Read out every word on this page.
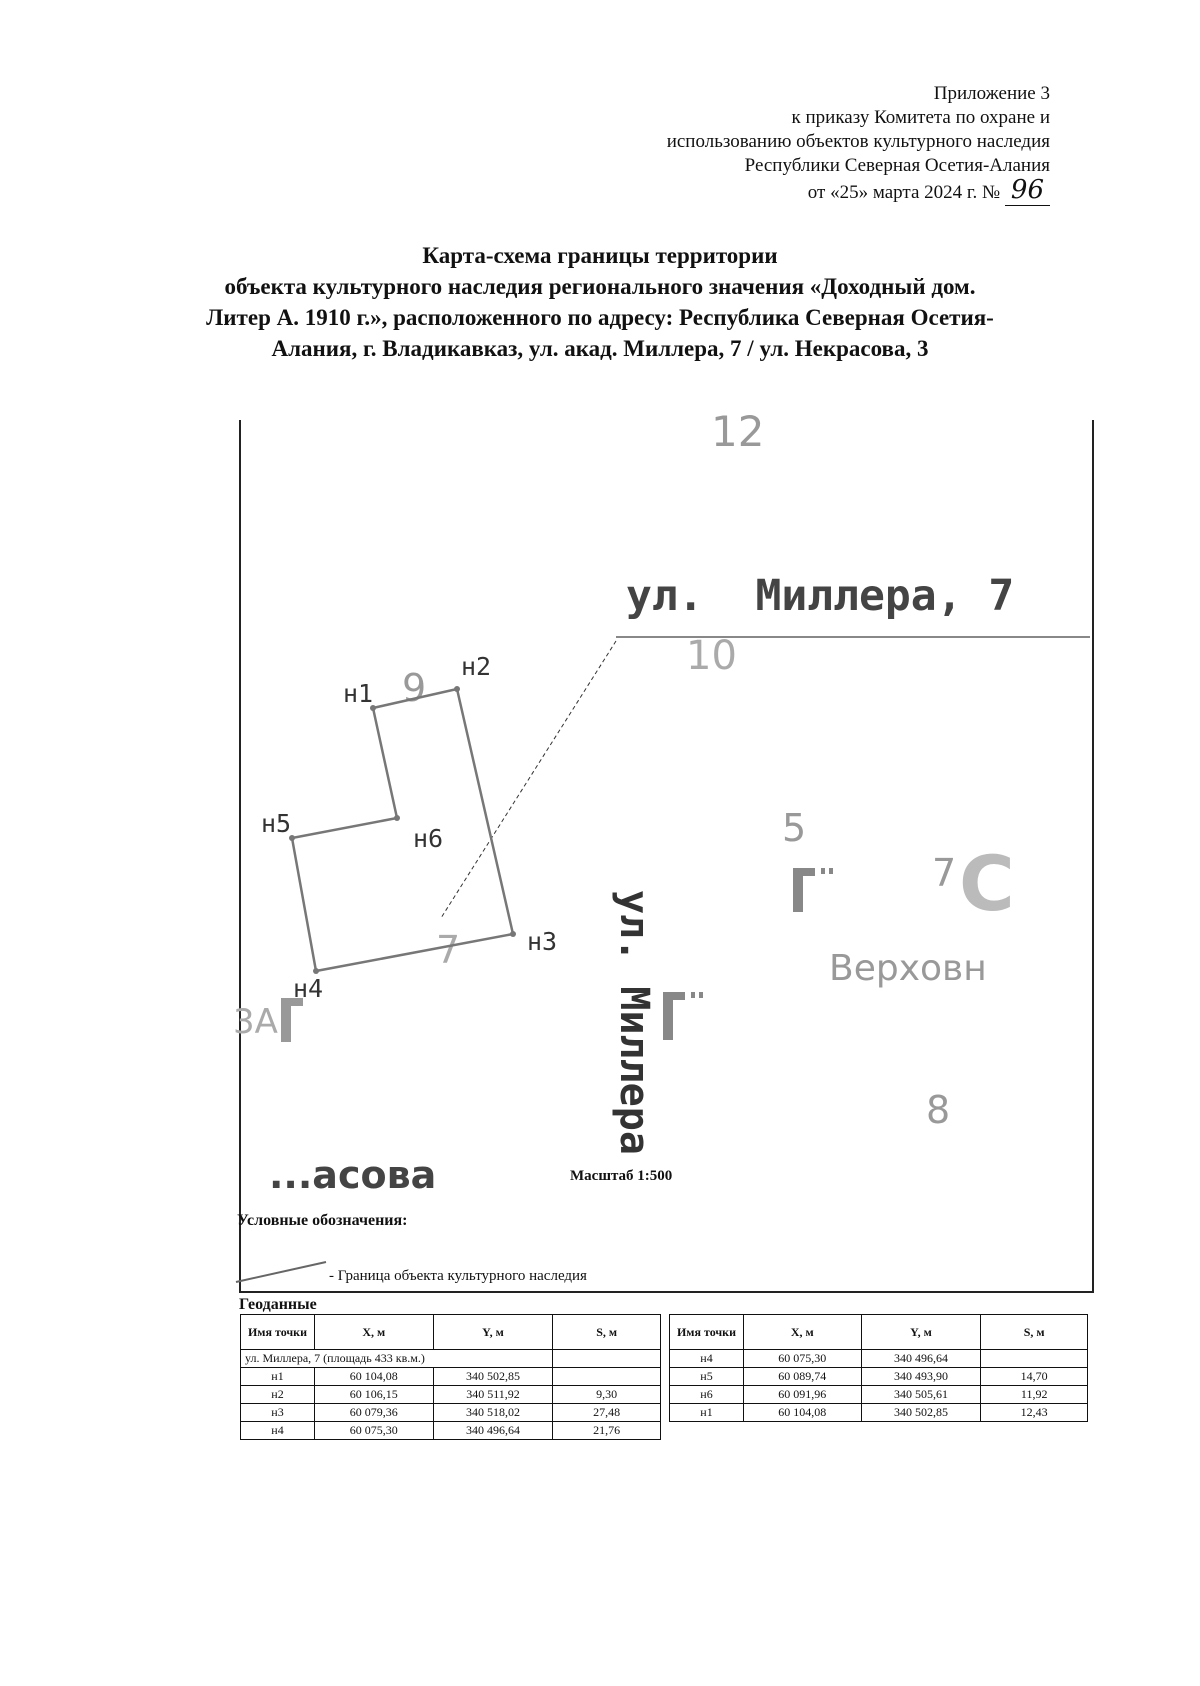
Приложение 3
к приказу Комитета по охране и
использованию объектов культурного наследия
Республики Северная Осетия-Алания
от «25» марта 2024 г. № 96
Карта-схема границы территории
объекта культурного наследия регионального значения «Доходный дом.
Литер А. 1910 г.», расположенного по адресу: Республика Северная Осетия-
Алания, г. Владикавказ, ул. акад. Миллера, 7 / ул. Некрасова, 3
12
10
9
5
7
7
8
ул.  Миллера, 7
ул. Миллера
...асова
Верховн
3А
С
н1
н2
н3
н4
н5
н6
Масштаб 1:500
Условные обозначения:
- Граница объекта культурного наследия
Геоданные
Имя точки	X, м	Y, м	S, м
ул. Миллера, 7 (площадь 433 кв.м.)			
н1	60 104,08	340 502,85	
н2	60 106,15	340 511,92	9,30
н3	60 079,36	340 518,02	27,48
н4	60 075,30	340 496,64	21,76
Имя точки	X, м	Y, м	S, м
н4	60 075,30	340 496,64	
н5	60 089,74	340 493,90	14,70
н6	60 091,96	340 505,61	11,92
н1	60 104,08	340 502,85	12,43
